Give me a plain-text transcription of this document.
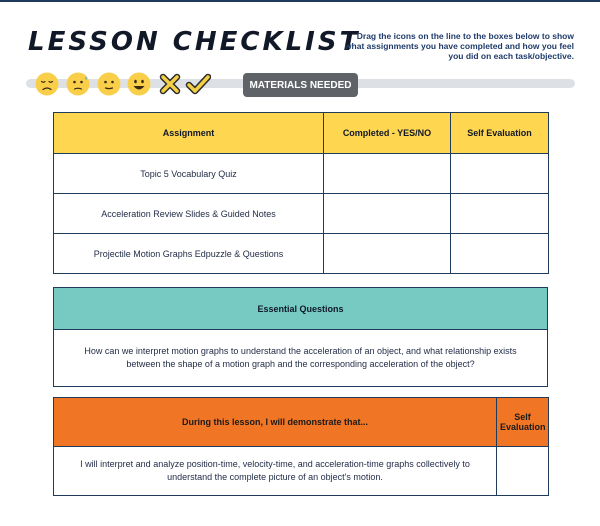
LESSON CHECKLIST
Drag the icons on the line to the boxes below to show what assignments you have completed and how you feel you did on each task/objective.
MATERIALS NEEDED
Assignment	Completed - YES/NO	Self Evaluation
Topic 5 Vocabulary Quiz		
Acceleration Review Slides & Guided Notes		
Projectile Motion Graphs Edpuzzle & Questions		
Essential Questions
How can we interpret motion graphs to understand the acceleration of an object, and what relationship exists between the shape of a motion graph and the corresponding acceleration of the object?
During this lesson, I will demonstrate that...	Self Evaluation
I will interpret and analyze position-time, velocity-time, and acceleration-time graphs collectively to understand the complete picture of an object's motion.	
